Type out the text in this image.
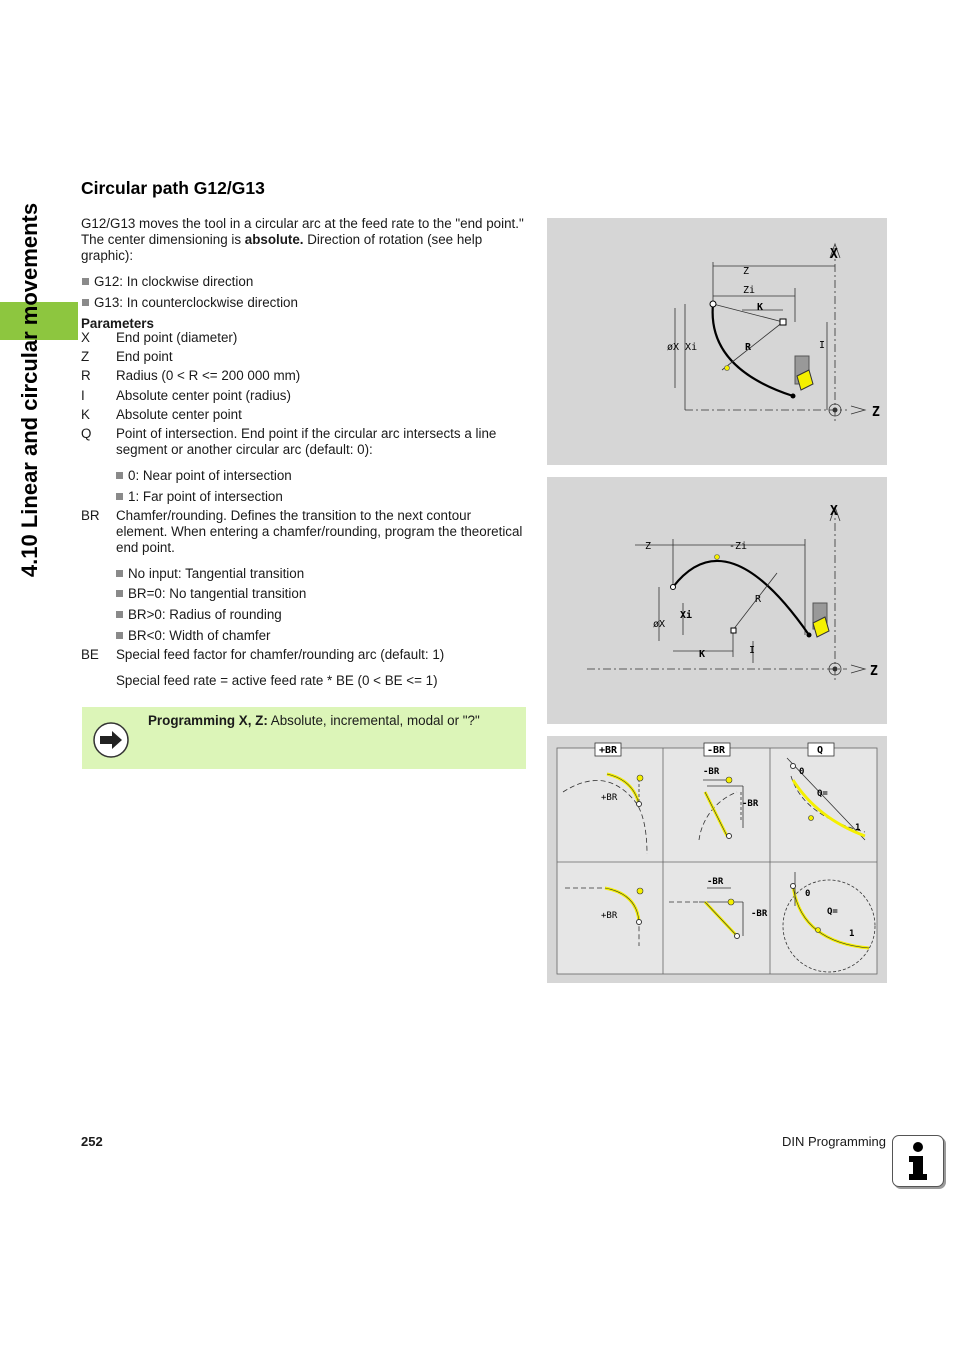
4.10 Linear and circular movements
Circular path G12/G13

G12/G13 moves the tool in a circular arc at the feed rate to the "end point." The center dimensioning is absolute. Direction of rotation (see help graphic):

G12: In clockwise direction
G13: In counterclockwise direction
Parameters
X	End point (diameter)
Z	End point
R	Radius (0 < R <= 200 000 mm)
I	Absolute center point (radius)
K	Absolute center point
Q	Point of intersection. End point if the circular arc intersects a line segment or another circular arc (default: 0):
0: Near point of intersection
1: Far point of intersection
BR	Chamfer/rounding. Defines the transition to the next contour element. When entering a chamfer/rounding, program the theoretical end point.
No input: Tangential transition
BR=0: No tangential transition
BR>0: Radius of rounding
BR<0: Width of chamfer
BE	Special feed factor for chamfer/rounding arc (default: 1)
Special feed rate = active feed rate * BE (0 < BE <= 1)
Programming X, Z: Absolute, incremental, modal or "?"
X
Z
Z
Zi
K
øX Xi	I
R
X
Z
Z	-Zi
R
Xi
øX
K	I
+BR	-BR	Q
+BR
-BR
-BR
0
Q=
1
+BR
-BR
-BR
0
Q=
1
252	DIN Programming
